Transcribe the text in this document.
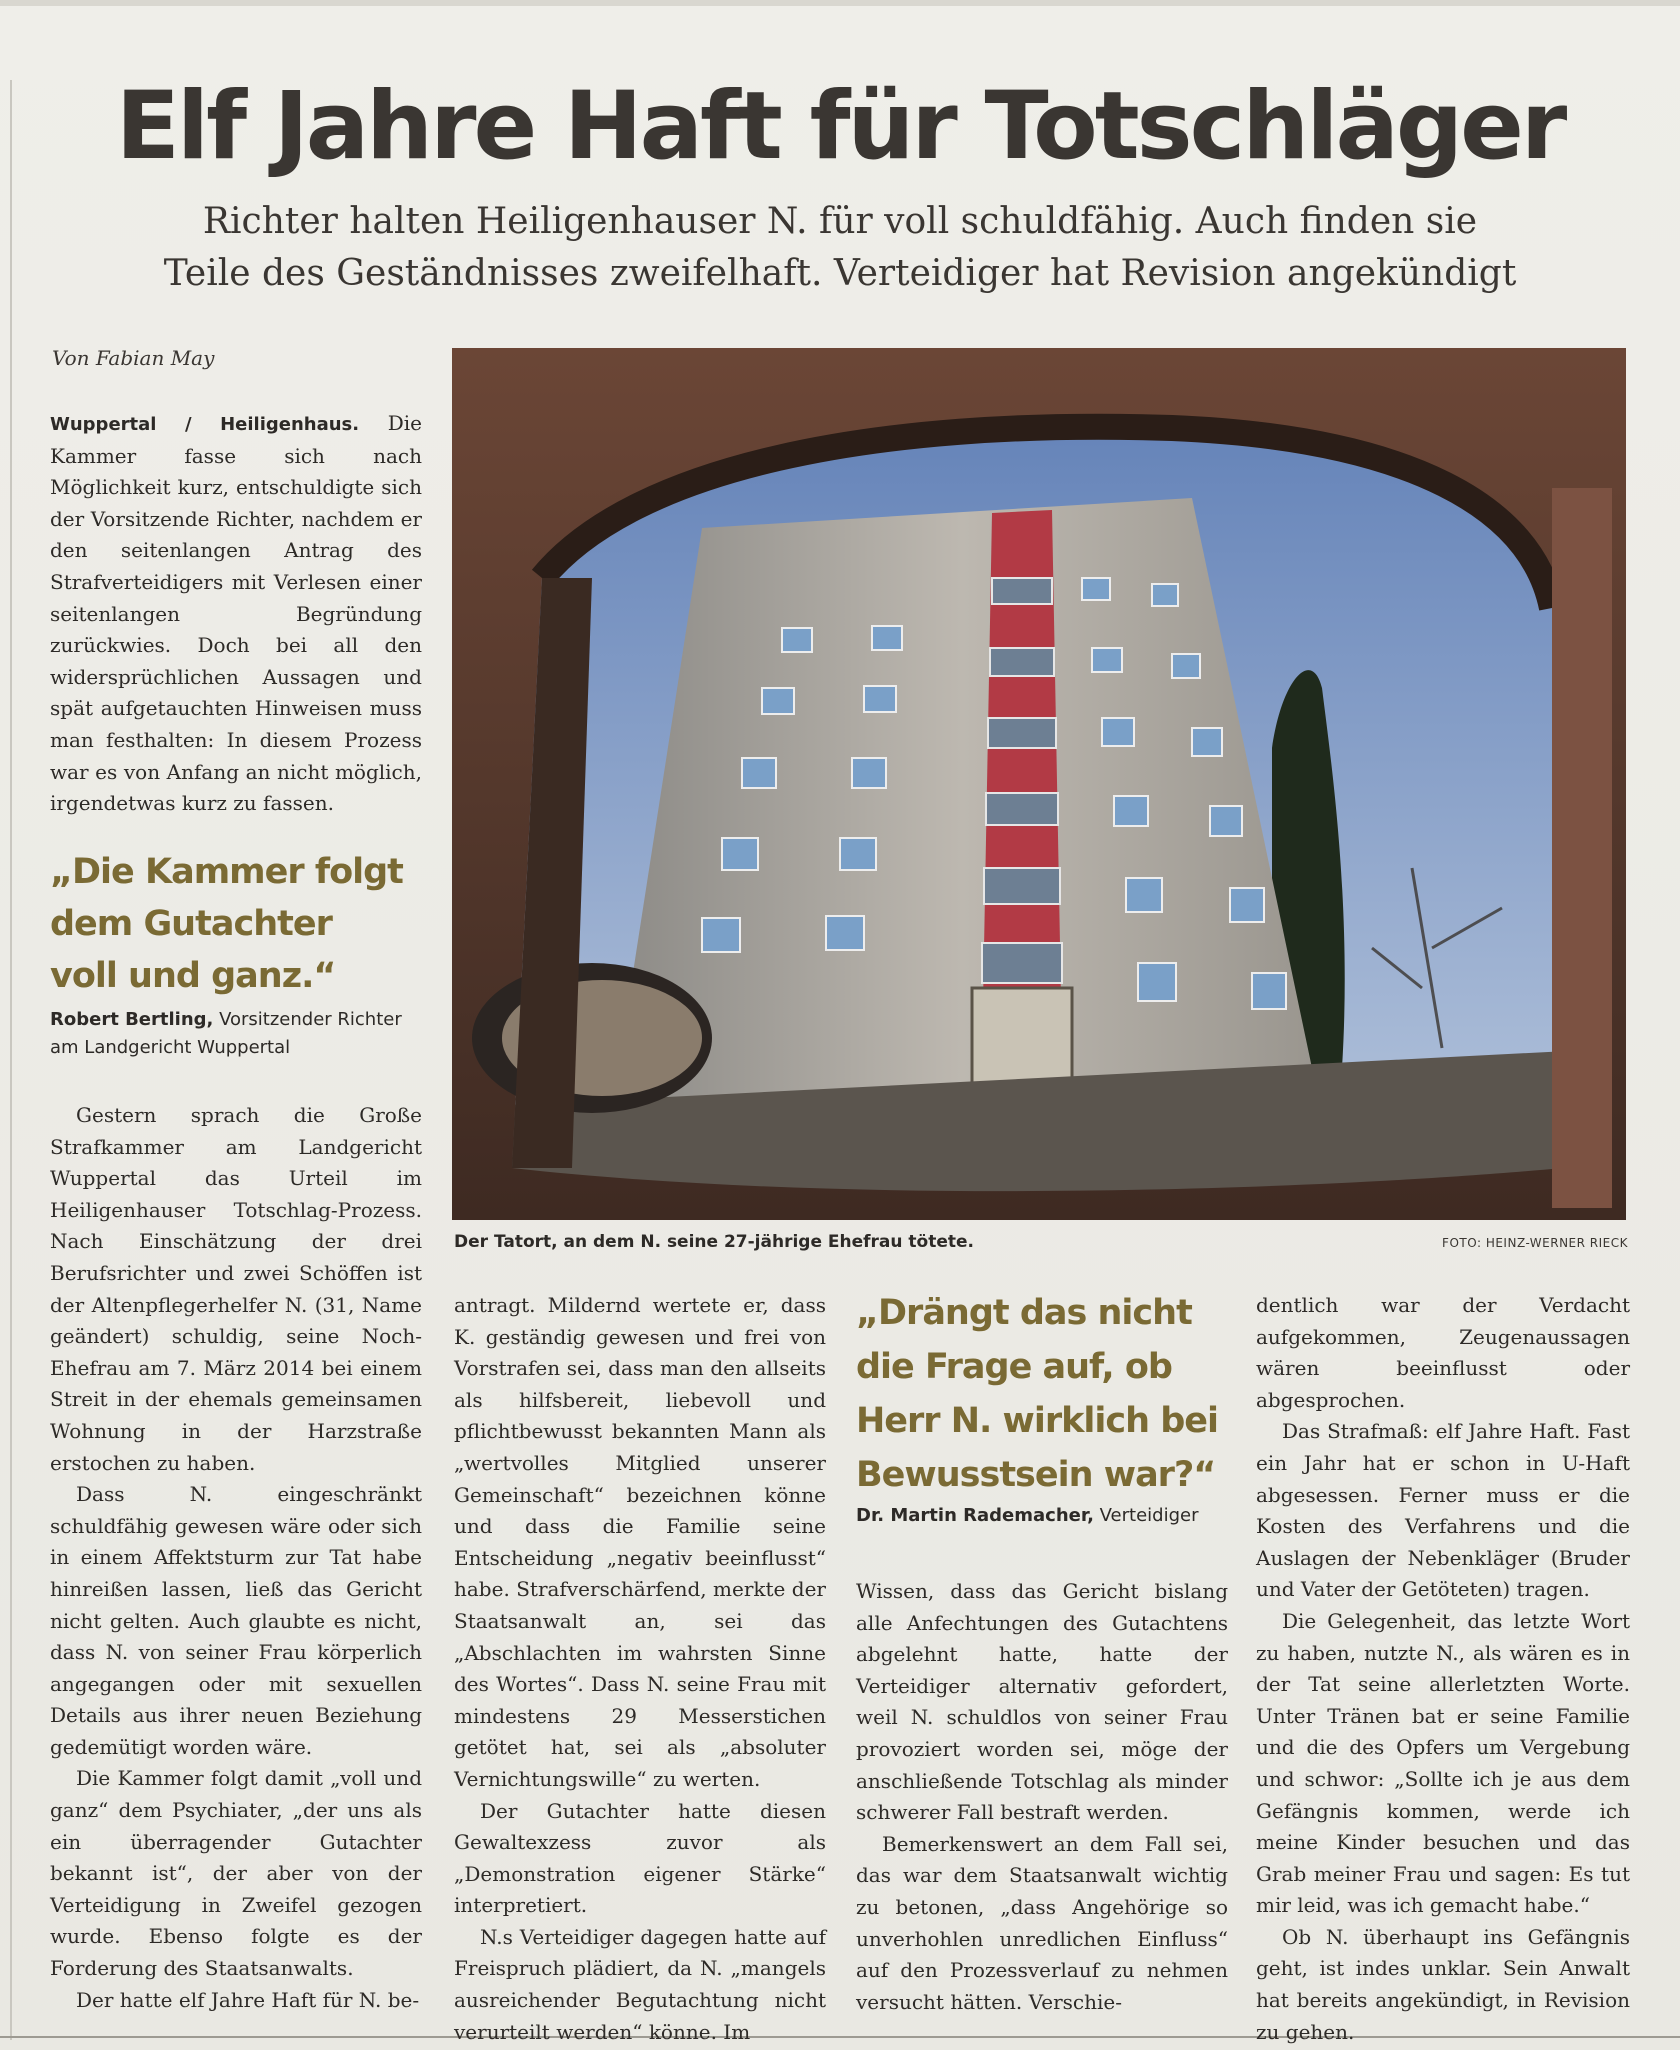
Elf Jahre Haft für Totschläger
Richter halten Heiligenhauser N. für voll schuldfähig. Auch finden sie
Teile des Geständnisses zweifelhaft. Verteidiger hat Revision angekündigt
Von Fabian May

Wuppertal / Heiligenhaus. Die Kammer fasse sich nach Möglichkeit kurz, entschuldigte sich der Vorsitzende Richter, nachdem er den seitenlangen Antrag des Strafverteidigers mit Verlesen einer seitenlangen Begründung zurückwies. Doch bei all den widersprüchlichen Aussagen und spät aufgetauchten Hinweisen muss man festhalten: In diesem Prozess war es von Anfang an nicht möglich, irgendetwas kurz zu fassen.

„Die Kammer folgt
dem Gutachter
voll und ganz.“
Robert Bertling, Vorsitzender Richter am Landgericht Wuppertal

Gestern sprach die Große Strafkammer am Landgericht Wuppertal das Urteil im Heiligenhauser Totschlag-Prozess. Nach Einschätzung der drei Berufsrichter und zwei Schöffen ist der Altenpflegerhelfer N. (31, Name geändert) schuldig, seine Noch-Ehefrau am 7. März 2014 bei einem Streit in der ehemals gemeinsamen Wohnung in der Harzstraße erstochen zu haben.

Dass N. eingeschränkt schuldfähig gewesen wäre oder sich in einem Affektsturm zur Tat habe hinreißen lassen, ließ das Gericht nicht gelten. Auch glaubte es nicht, dass N. von seiner Frau körperlich angegangen oder mit sexuellen Details aus ihrer neuen Beziehung gedemütigt worden wäre.

Die Kammer folgt damit „voll und ganz“ dem Psychiater, „der uns als ein überragender Gutachter bekannt ist“, der aber von der Verteidigung in Zweifel gezogen wurde. Ebenso folgte es der Forderung des Staatsanwalts.

Der hatte elf Jahre Haft für N. be-

Der Tatort, an dem N. seine 27-jährige Ehefrau tötete.	FOTO: HEINZ-WERNER RIECK

antragt. Mildernd wertete er, dass K. geständig gewesen und frei von Vorstrafen sei, dass man den allseits als hilfsbereit, liebevoll und pflichtbewusst bekannten Mann als „wertvolles Mitglied unserer Gemeinschaft“ bezeichnen könne und dass die Familie seine Entscheidung „negativ beeinflusst“ habe. Strafverschärfend, merkte der Staatsanwalt an, sei das „Abschlachten im wahrsten Sinne des Wortes“. Dass N. seine Frau mit mindestens 29 Messerstichen getötet hat, sei als „absoluter Vernichtungswille“ zu werten.

Der Gutachter hatte diesen Gewaltexzess zuvor als „Demonstration eigener Stärke“ interpretiert.

N.s Verteidiger dagegen hatte auf Freispruch plädiert, da N. „mangels ausreichender Begutachtung nicht verurteilt werden“ könne. Im

„Drängt das nicht
die Frage auf, ob
Herr N. wirklich bei
Bewusstsein war?“
Dr. Martin Rademacher, Verteidiger

Wissen, dass das Gericht bislang alle Anfechtungen des Gutachtens abgelehnt hatte, hatte der Verteidiger alternativ gefordert, weil N. schuldlos von seiner Frau provoziert worden sei, möge der anschließende Totschlag als minder schwerer Fall bestraft werden.

Bemerkenswert an dem Fall sei, das war dem Staatsanwalt wichtig zu betonen, „dass Angehörige so unverhohlen unredlichen Einfluss“ auf den Prozessverlauf zu nehmen versucht hätten. Verschie-

dentlich war der Verdacht aufgekommen, Zeugenaussagen wären beeinflusst oder abgesprochen.

Das Strafmaß: elf Jahre Haft. Fast ein Jahr hat er schon in U-Haft abgesessen. Ferner muss er die Kosten des Verfahrens und die Auslagen der Nebenkläger (Bruder und Vater der Getöteten) tragen.

Die Gelegenheit, das letzte Wort zu haben, nutzte N., als wären es in der Tat seine allerletzten Worte. Unter Tränen bat er seine Familie und die des Opfers um Vergebung und schwor: „Sollte ich je aus dem Gefängnis kommen, werde ich meine Kinder besuchen und das Grab meiner Frau und sagen: Es tut mir leid, was ich gemacht habe.“

Ob N. überhaupt ins Gefängnis geht, ist indes unklar. Sein Anwalt hat bereits angekündigt, in Revision zu gehen.
